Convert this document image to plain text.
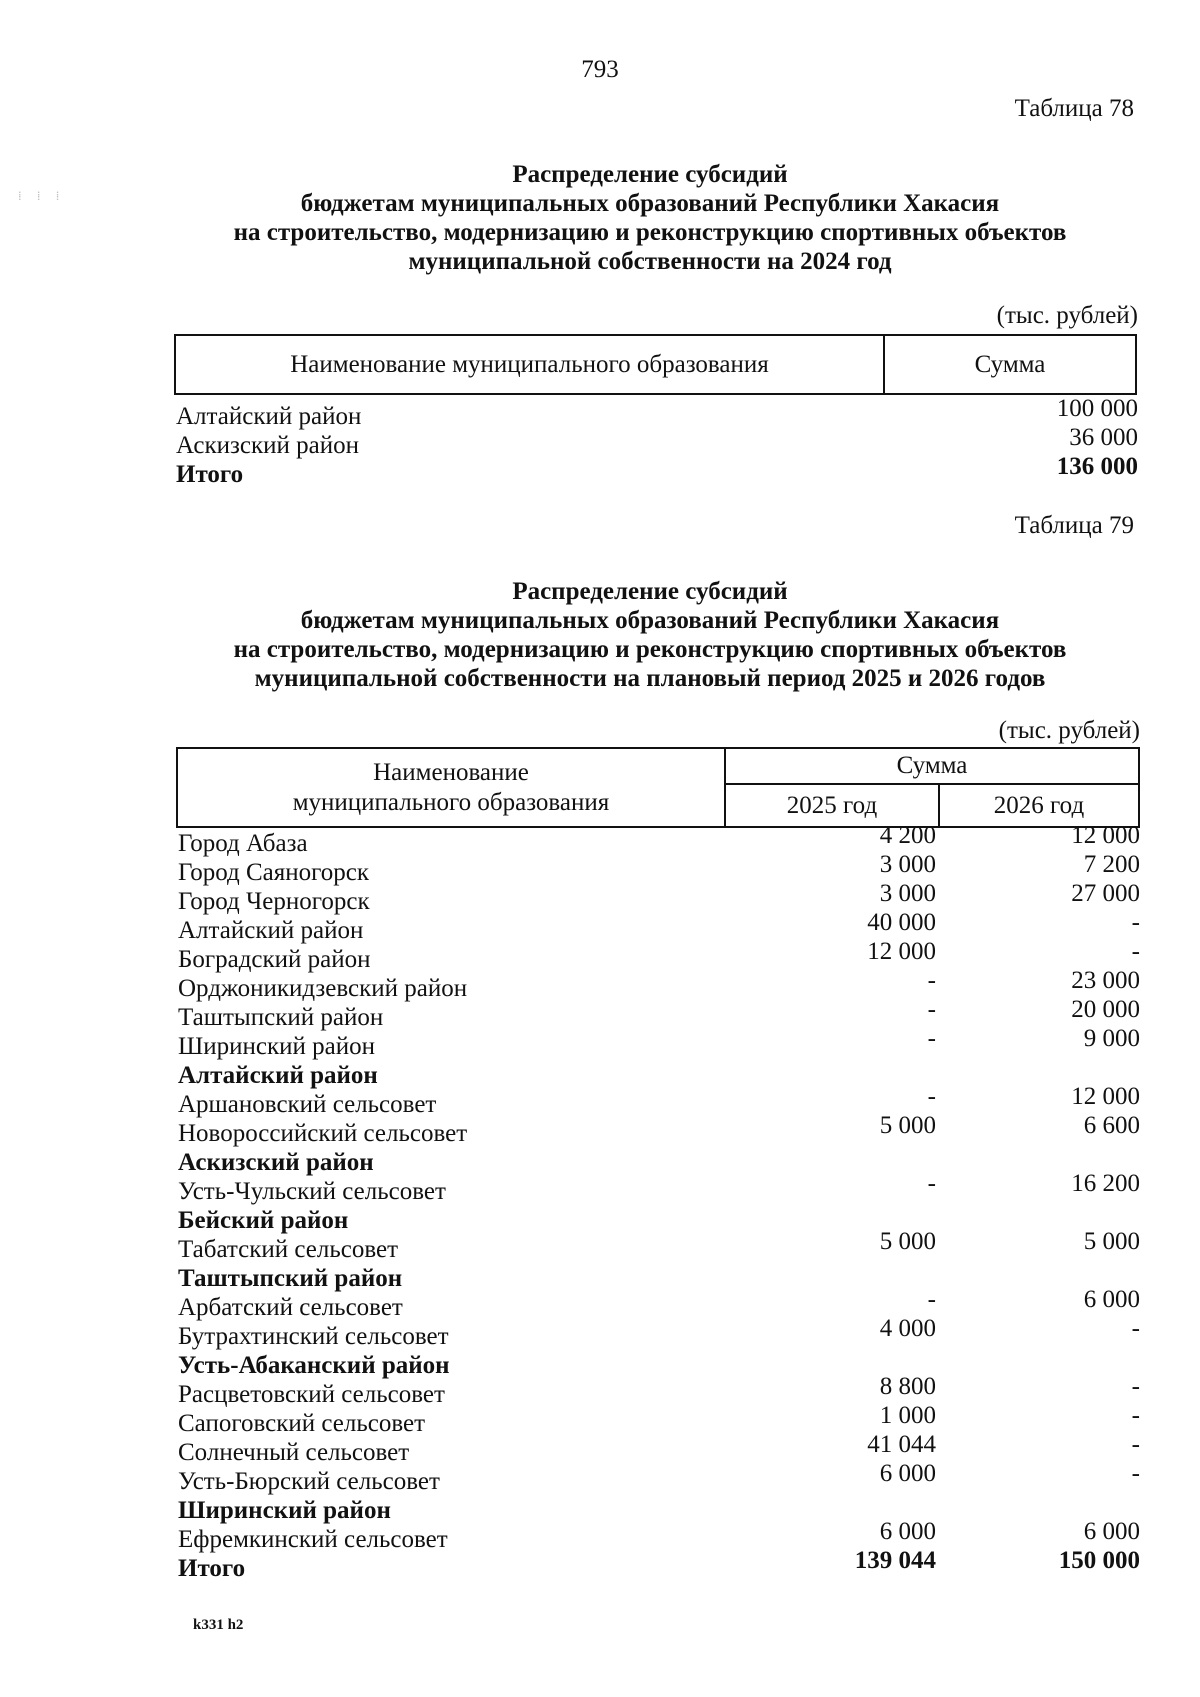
793
⁞ ⁞ ⁞
Таблица 78
Распределение субсидий
бюджетам муниципальных образований Республики Хакасия
на строительство, модернизацию и реконструкцию спортивных объектов
муниципальной собственности на 2024 год
(тыс. рублей)
Наименование муниципального образования	Сумма
Алтайский район	100 000
Аскизский район	36 000
Итого	136 000
Таблица 79
Распределение субсидий
бюджетам муниципальных образований Республики Хакасия
на строительство, модернизацию и реконструкцию спортивных объектов
муниципальной собственности на плановый период 2025 и 2026 годов
(тыс. рублей)
Наименование
муниципального образования	Сумма	
	2025 год	2026 год
Город Абаза	4 200	12 000
Город Саяногорск	3 000	7 200
Город Черногорск	3 000	27 000
Алтайский район	40 000	-
Боградский район	12 000	-
Орджоникидзевский район	-	23 000
Таштыпский район	-	20 000
Ширинский район	-	9 000
Алтайский район
Аршановский сельсовет	-	12 000
Новороссийский сельсовет	5 000	6 600
Аскизский район
Усть-Чульский сельсовет	-	16 200
Бейский район
Табатский сельсовет	5 000	5 000
Таштыпский район
Арбатский сельсовет	-	6 000
Бутрахтинский сельсовет	4 000	-
Усть-Абаканский район
Расцветовский сельсовет	8 800	-
Сапоговский сельсовет	1 000	-
Солнечный сельсовет	41 044	-
Усть-Бюрский сельсовет	6 000	-
Ширинский район
Ефремкинский сельсовет	6 000	6 000
Итого	139 044	150 000
k331 h2
